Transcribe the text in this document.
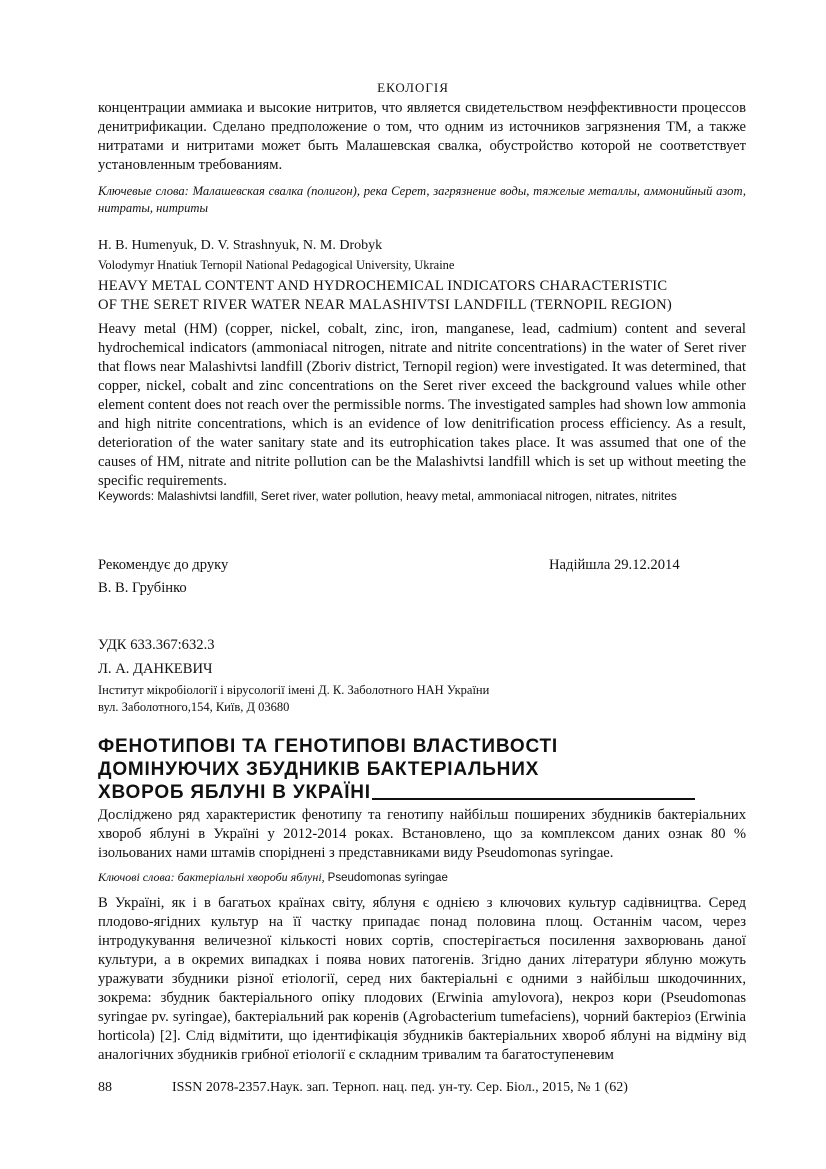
ЕКОЛОГІЯ
концентрации аммиака и высокие нитритов, что является свидетельством неэффективности процессов денитрификации. Сделано предположение о том, что одним из источников загрязнения ТМ, а также нитратами и нитритами может быть Малашевская свалка, обустройство которой не соответствует установленным требованиям.
Ключевые слова: Малашевская свалка (полигон), река Серет, загрязнение воды, тяжелые металлы, аммонийный азот, нитраты, нитриты
H. B. Humenyuk, D. V. Strashnyuk, N. M. Drobyk
Volodymyr Hnatiuk Ternopil National Pedagogical University, Ukraine
HEAVY METAL CONTENT AND HYDROCHEMICAL INDICATORS CHARACTERISTIC
OF THE SERET RIVER WATER NEAR MALASHIVTSI LANDFILL (TERNOPIL REGION)
Heavy metal (HM) (copper, nickel, cobalt, zinc, iron, manganese, lead, cadmium) content and several hydrochemical indicators (ammoniacal nitrogen, nitrate and nitrite concentrations) in the water of Seret river that flows near Malashivtsi landfill (Zboriv district, Ternopil region) were investigated. It was determined, that copper, nickel, cobalt and zinc concentrations on the Seret river exceed the background values while other element content does not reach over the permissible norms. The investigated samples had shown low ammonia and high nitrite concentrations, which is an evidence of low denitrification process efficiency. As a result, deterioration of the water sanitary state and its eutrophication takes place. It was assumed that one of the causes of HM, nitrate and nitrite pollution can be the Malashivtsi landfill which is set up without meeting the specific requirements.
Keywords: Malashivtsi landfill, Seret river, water pollution, heavy metal, ammoniacal nitrogen, nitrates, nitrites
Рекомендує до друку	Надійшла 29.12.2014
В. В. Грубінко
УДК 633.367:632.3
Л. А. ДАНКЕВИЧ
Інститут мікробіології і вірусології імені Д. К. Заболотного НАН України
вул. Заболотного,154, Київ, Д 03680
ФЕНОТИПОВІ ТА ГЕНОТИПОВІ ВЛАСТИВОСТІ
ДОМІНУЮЧИХ ЗБУДНИКІВ БАКТЕРІАЛЬНИХ
ХВОРОБ ЯБЛУНІ В УКРАЇНІ
Досліджено ряд характеристик фенотипу та генотипу найбільш поширених збудників бактеріальних хвороб яблуні в Україні у 2012-2014 роках. Встановлено, що за комплексом даних ознак 80 % ізольованих нами штамів споріднені з представниками виду Pseudomonas syringae.
Ключові слова: бактеріальні хвороби яблуні, Pseudomonas syringae
В Україні, як і в багатьох країнах світу, яблуня є однією з ключових культур садівництва. Серед плодово-ягідних культур на її частку припадає понад половина площ. Останнім часом, через інтродукування величезної кількості нових сортів, спостерігається посилення захворювань даної культури, а в окремих випадках і поява нових патогенів. Згідно даних літератури яблуню можуть уражувати збудники різної етіології, серед них бактеріальні є одними з найбільш шкодочинних, зокрема: збудник бактеріального опіку плодових (Erwinia amylovora), некроз кори (Pseudomonas syringae pv. syringae), бактеріальний рак коренів (Agrobacterium tumefaciens), чорний бактеріоз (Erwinia horticola) [2]. Слід відмітити, що ідентифікація збудників бактеріальних хвороб яблуні на відміну від аналогічних збудників грибної етіології є складним тривалим та багатоступеневим
88	ISSN 2078-2357.Наук. зап. Терноп. нац. пед. ун-ту. Сер. Біол., 2015, № 1 (62)
